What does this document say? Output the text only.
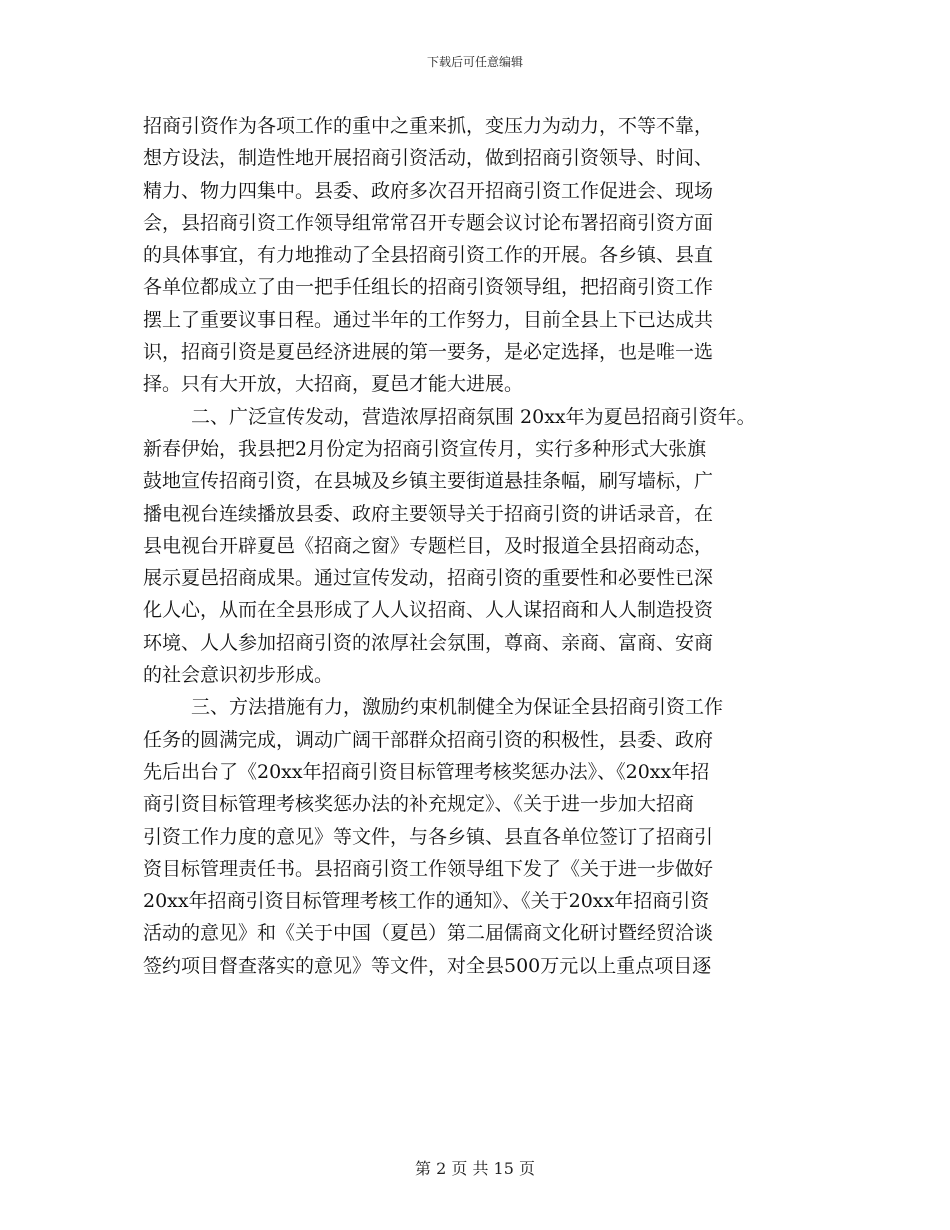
下载后可任意编辑
招商引资作为各项工作的重中之重来抓，变压力为动力，不等不靠，
想方设法，制造性地开展招商引资活动，做到招商引资领导、时间、
精力、物力四集中。县委、政府多次召开招商引资工作促进会、现场
会，县招商引资工作领导组常常召开专题会议讨论布署招商引资方面
的具体事宜，有力地推动了全县招商引资工作的开展。各乡镇、县直
各单位都成立了由一把手任组长的招商引资领导组，把招商引资工作
摆上了重要议事日程。通过半年的工作努力，目前全县上下已达成共
识，招商引资是夏邑经济进展的第一要务，是必定选择，也是唯一选
择。只有大开放，大招商，夏邑才能大进展。
二、广泛宣传发动，营造浓厚招商氛围 20xx年为夏邑招商引资年。
新春伊始，我县把2月份定为招商引资宣传月，实行多种形式大张旗
鼓地宣传招商引资，在县城及乡镇主要街道悬挂条幅，刷写墙标，广
播电视台连续播放县委、政府主要领导关于招商引资的讲话录音，在
县电视台开辟夏邑《招商之窗》专题栏目，及时报道全县招商动态，
展示夏邑招商成果。通过宣传发动，招商引资的重要性和必要性已深
化人心，从而在全县形成了人人议招商、人人谋招商和人人制造投资
环境、人人参加招商引资的浓厚社会氛围，尊商、亲商、富商、安商
的社会意识初步形成。
三、方法措施有力，激励约束机制健全为保证全县招商引资工作
任务的圆满完成，调动广阔干部群众招商引资的积极性，县委、政府
先后出台了《20xx年招商引资目标管理考核奖惩办法》、《20xx年招
商引资目标管理考核奖惩办法的补充规定》、《关于进一步加大招商
引资工作力度的意见》等文件，与各乡镇、县直各单位签订了招商引
资目标管理责任书。县招商引资工作领导组下发了《关于进一步做好
20xx年招商引资目标管理考核工作的通知》、《关于20xx年招商引资
活动的意见》和《关于中国（夏邑）第二届儒商文化研讨暨经贸洽谈
签约项目督查落实的意见》等文件，对全县500万元以上重点项目逐
第 2 页 共 15 页
